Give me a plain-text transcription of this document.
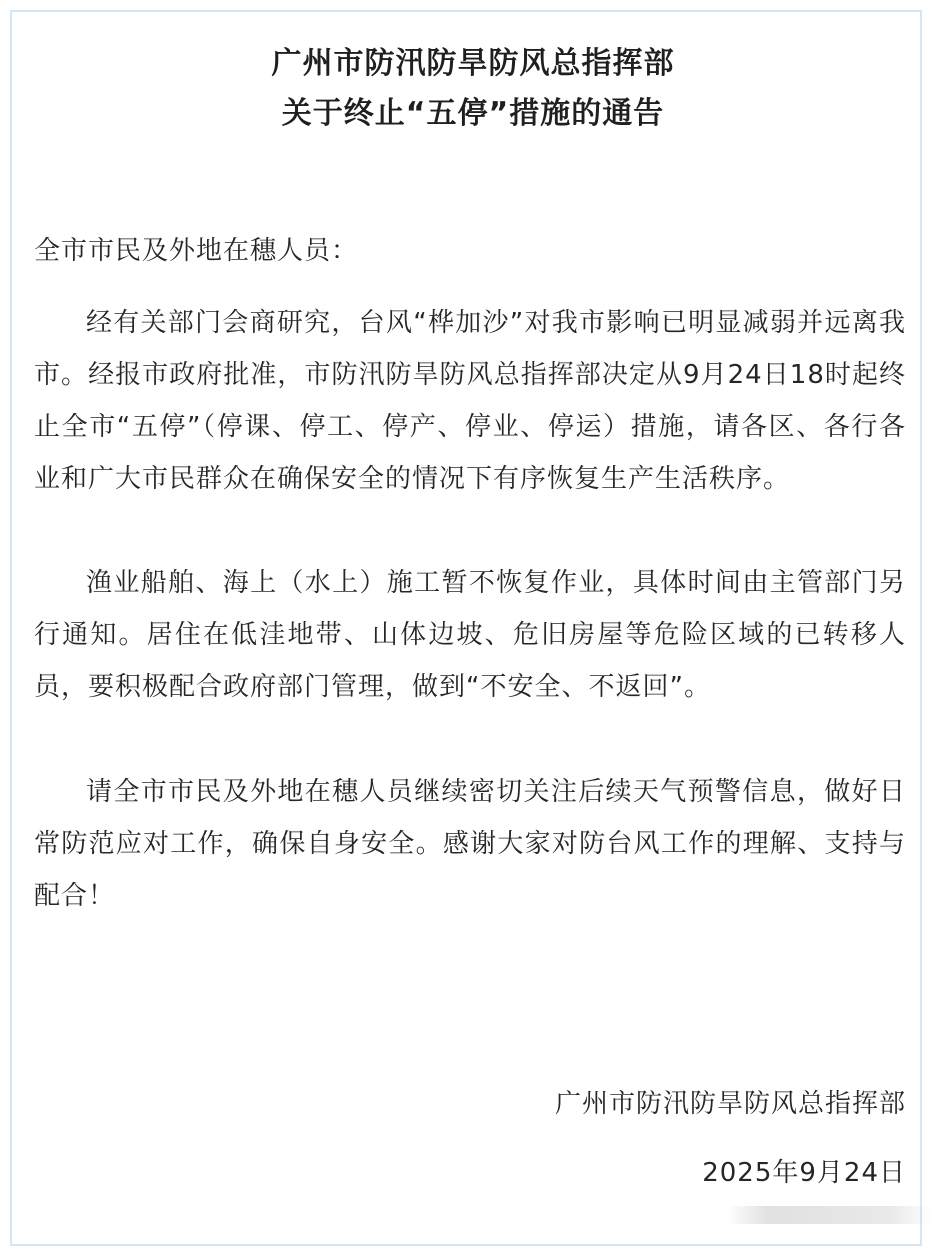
广州市防汛防旱防风总指挥部
关于终止“五停”措施的通告
全市市民及外地在穗人员：

经有关部门会商研究，台风“桦加沙”对我市影响已明显减弱并远离我市。经报市政府批准，市防汛防旱防风总指挥部决定从9月24日18时起终止全市“五停”（停课、停工、停产、停业、停运）措施，请各区、各行各业和广大市民群众在确保安全的情况下有序恢复生产生活秩序。

渔业船舶、海上（水上）施工暂不恢复作业，具体时间由主管部门另行通知。居住在低洼地带、山体边坡、危旧房屋等危险区域的已转移人员，要积极配合政府部门管理，做到“不安全、不返回”。

请全市市民及外地在穗人员继续密切关注后续天气预警信息，做好日常防范应对工作，确保自身安全。感谢大家对防台风工作的理解、支持与配合！

广州市防汛防旱防风总指挥部
2025年9月24日
